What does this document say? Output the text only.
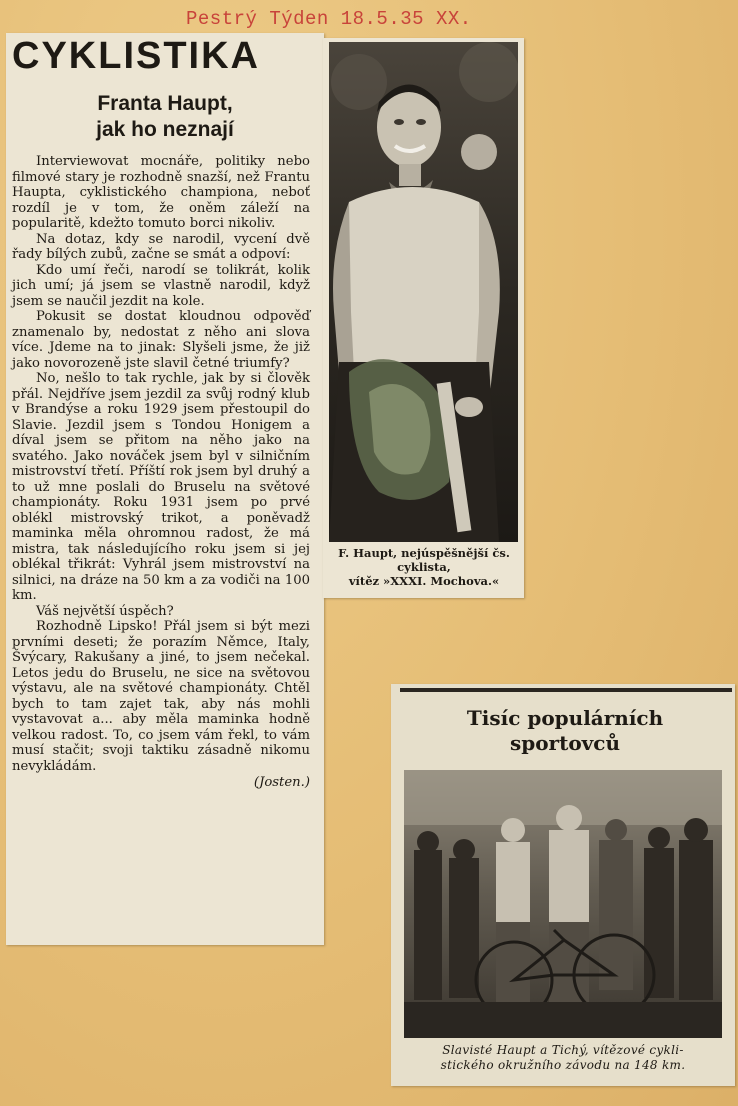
Pestrý Týden 18.5.35 XX.
CYKLISTIKA
Franta Haupt,
jak ho neznají

Interviewovat mocnáře, politiky nebo filmové stary je rozhodně snazší, než Frantu Haupta, cyklistického championa, neboť rozdíl je v tom, že oněm záleží na popularitě, kdežto tomuto borci nikoliv.

Na dotaz, kdy se narodil, vycení dvě řady bílých zubů, začne se smát a odpoví:

Kdo umí řeči, narodí se tolikrát, kolik jich umí; já jsem se vlastně narodil, když jsem se naučil jezdit na kole.

Pokusit se dostat kloudnou odpověď znamenalo by, nedostat z něho ani slova více. Jdeme na to jinak: Slyšeli jsme, že již jako novorozeně jste slavil četné triumfy?

No, nešlo to tak rychle, jak by si člověk přál. Nejdříve jsem jezdil za svůj rodný klub v Brandýse a roku 1929 jsem přestoupil do Slavie. Jezdil jsem s Tondou Honigem a díval jsem se přitom na něho jako na svatého. Jako nováček jsem byl v silničním mistrovství třetí. Příští rok jsem byl druhý a to už mne poslali do Bruselu na světové championáty. Roku 1931 jsem po prvé oblékl mistrovský trikot, a poněvadž maminka měla ohromnou radost, že má mistra, tak následujícího roku jsem si jej oblékal třikrát: Vyhrál jsem mistrovství na silnici, na dráze na 50 km a za vodiči na 100 km.

Váš největší úspěch?

Rozhodně Lipsko! Přál jsem si být mezi prvními deseti; že porazím Němce, Italy, Švýcary, Rakušany a jiné, to jsem nečekal. Letos jedu do Bruselu, ne sice na světovou výstavu, ale na světové championáty. Chtěl bych to tam zajet tak, aby nás mohli vystavovat a... aby měla maminka hodně velkou radost. To, co jsem vám řekl, to vám musí stačit; svoji taktiku zásadně nikomu nevykládám.

(Josten.)

F. Haupt, nejúspěšnější čs.
cyklista,
vítěz »XXXI. Mochova.«
Tisíc populárních
sportovců
Slavisté Haupt a Tichý, vítězové cykli-
stického okružního závodu na 148 km.
